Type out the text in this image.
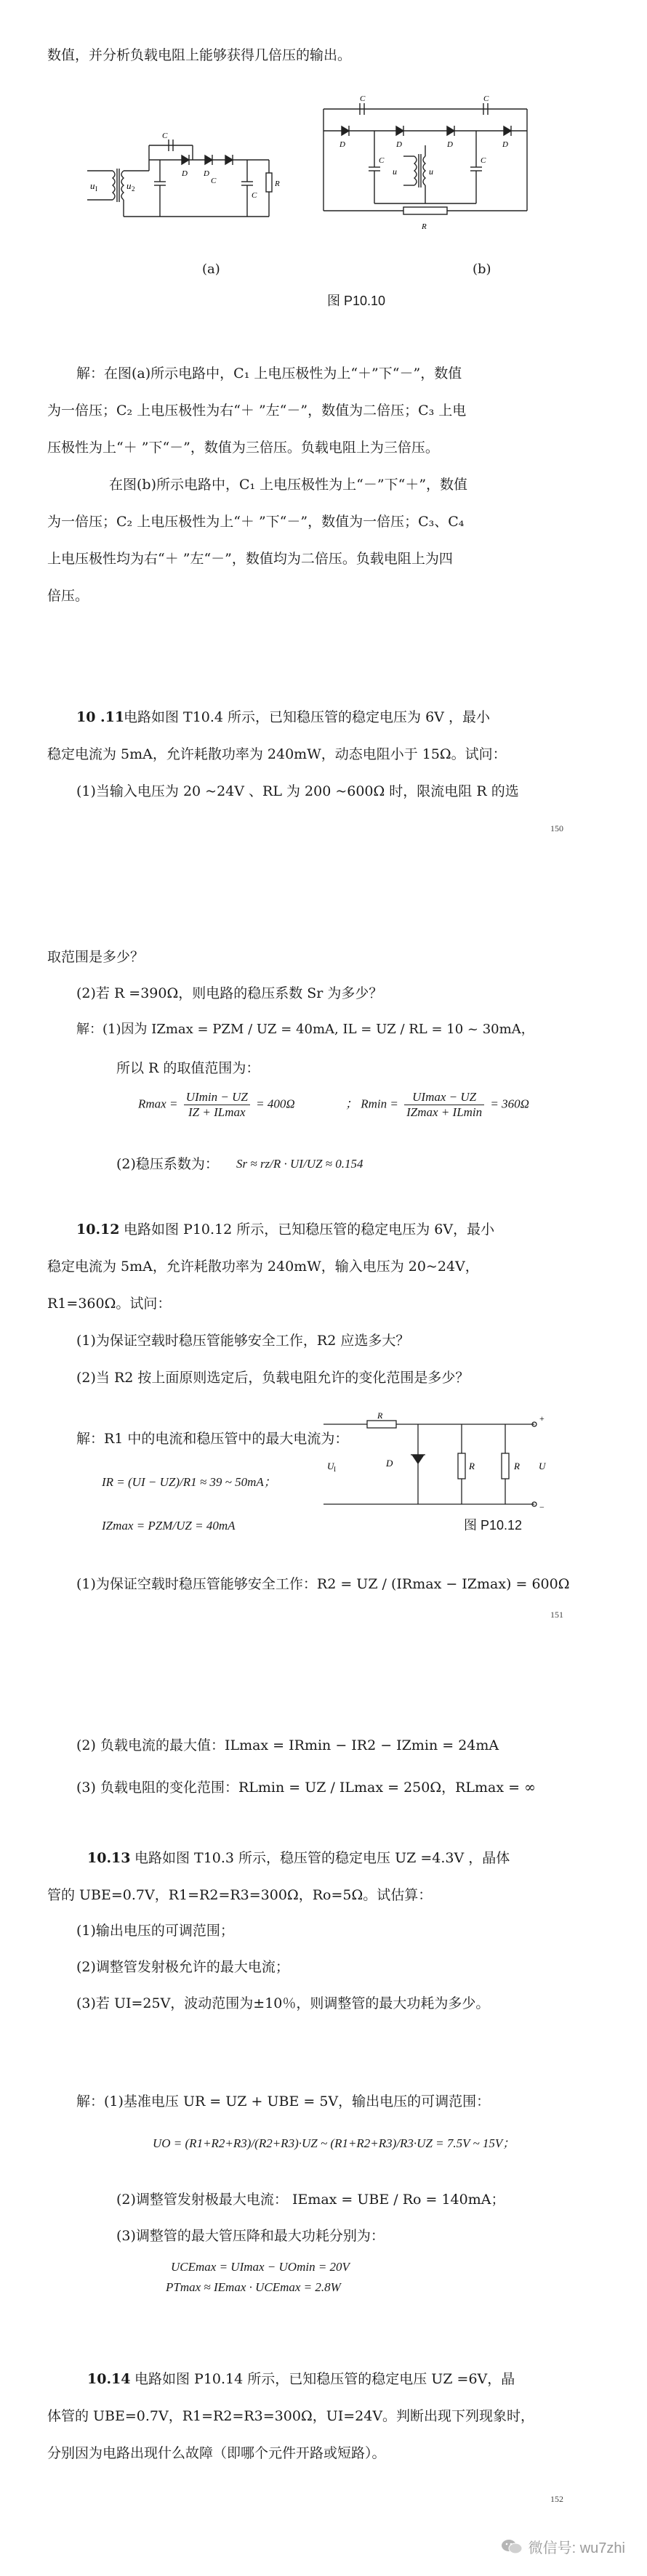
数值，并分析负载电阻上能够获得几倍压的输出。
u I	u 2
C
C
D D
C
R
C	C
D	D	D	D
C	C
u	u
R
(a)	(b)
图 P10.10
解：在图(a)所示电路中，C₁ 上电压极性为上“＋”下“－”，数值
为一倍压；C₂ 上电压极性为右“＋ ”左“－”，数值为二倍压；C₃ 上电
压极性为上“＋ ”下“－”，数值为三倍压。负载电阻上为三倍压。
在图(b)所示电路中，C₁ 上电压极性为上“－”下“＋”，数值
为一倍压；C₂ 上电压极性为上“＋ ”下“－”，数值为一倍压；C₃、C₄
上电压极性均为右“＋ ”左“－”，数值均为二倍压。负载电阻上为四
倍压。
10 .11
电路如图 T10.4 所示，已知稳压管的稳定电压为 6V ，最小
稳定电流为 5mA，允许耗散功率为 240mW，动态电阻小于 15Ω。试问：
(1)当输入电压为 20 ~24V 、RL 为 200 ~600Ω 时，限流电阻 R 的选
150
取范围是多少？
(2)若 R =390Ω，则电路的稳压系数 Sr 为多少？
解：(1)因为 IZmax = PZM / UZ = 40mA, IL = UZ / RL = 10 ~ 30mA，
所以 R 的取值范围为：
$Rmax = \frac{UImin - UZ}{IZ + ILmax} = 400\Omega$	； $Rmin = \frac{UImax - UZ}{IZmax + ILmin} = 360\Omega$
(2)稳压系数为： Sr ≈ rz/R · UI/UZ ≈ 0.154
10.12 电路如图 P10.12 所示，已知稳压管的稳定电压为 6V，最小
稳定电流为 5mA，允许耗散功率为 240mW，输入电压为 20~24V，
R1=360Ω。试问：
(1)为保证空载时稳压管能够安全工作，R2 应选多大？
(2)当 R2 按上面原则选定后，负载电阻允许的变化范围是多少？
解：R1 中的电流和稳压管中的最大电流为：
IR = (UI − UZ)/R1 ≈ 39 ~ 50mA；
IZmax = PZM/UZ = 40mA
U I
D
R
R	R U
+
−
图 P10.12
(1)为保证空载时稳压管能够安全工作：R2 = UZ / (IRmax − IZmax) = 600Ω
151
(2) 负载电流的最大值：ILmax = IRmin − IR2 − IZmin = 24mA
(3) 负载电阻的变化范围：RLmin = UZ / ILmax = 250Ω，RLmax = ∞
10.13 电路如图 T10.3 所示，稳压管的稳定电压 UZ =4.3V ，晶体
管的 UBE=0.7V，R1=R2=R3=300Ω，Ro=5Ω。试估算：
(1)输出电压的可调范围；
(2)调整管发射极允许的最大电流；
(3)若 UI=25V，波动范围为±10％，则调整管的最大功耗为多少。
解：(1)基准电压 UR = UZ + UBE = 5V，输出电压的可调范围：
UO = (R1+R2+R3)/(R2+R3)·UZ ~ (R1+R2+R3)/R3·UZ = 7.5V ~ 15V；
(2)调整管发射极最大电流： IEmax = UBE / Ro = 140mA；
(3)调整管的最大管压降和最大功耗分别为：
UCEmax = UImax − UOmin = 20V
PTmax ≈ IEmax · UCEmax = 2.8W
10.14 电路如图 P10.14 所示，已知稳压管的稳定电压 UZ =6V，晶
体管的 UBE=0.7V，R1=R2=R3=300Ω，UI=24V。判断出现下列现象时，
分别因为电路出现什么故障（即哪个元件开路或短路）。
152
微信号: wu7zhi
